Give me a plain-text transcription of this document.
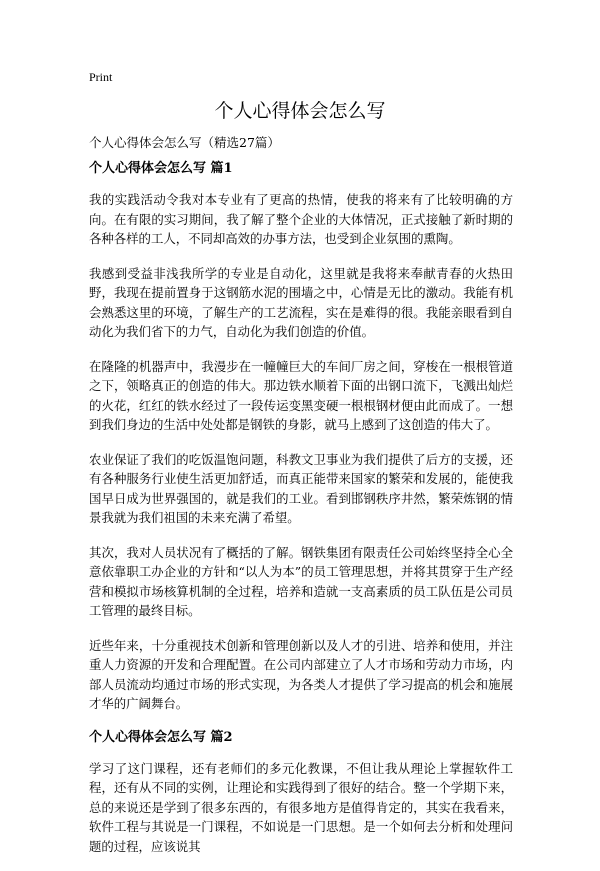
Print
个人心得体会怎么写
个人心得体会怎么写（精选27篇）
个人心得体会怎么写 篇1

我的实践活动令我对本专业有了更高的热情，使我的将来有了比较明确的方向。在有限的实习期间，我了解了整个企业的大体情况，正式接触了新时期的各种各样的工人，不同却高效的办事方法，也受到企业氛围的熏陶。

我感到受益非浅我所学的专业是自动化，这里就是我将来奉献青春的火热田野，我现在提前置身于这钢筋水泥的围墙之中，心情是无比的激动。我能有机会熟悉这里的环境，了解生产的工艺流程，实在是难得的很。我能亲眼看到自动化为我们省下的力气，自动化为我们创造的价值。

在隆隆的机器声中，我漫步在一幢幢巨大的车间厂房之间，穿梭在一根根管道之下，领略真正的创造的伟大。那边铁水顺着下面的出钢口流下，飞溅出灿烂的火花，红红的铁水经过了一段传运变黑变硬一根根钢材便由此而成了。一想到我们身边的生活中处处都是钢铁的身影，就马上感到了这创造的伟大了。

农业保证了我们的吃饭温饱问题，科教文卫事业为我们提供了后方的支援，还有各种服务行业使生活更加舒适，而真正能带来国家的繁荣和发展的，能使我国早日成为世界强国的，就是我们的工业。看到邯钢秩序井然，繁荣炼钢的情景我就为我们祖国的未来充满了希望。

其次，我对人员状况有了概括的了解。钢铁集团有限责任公司始终坚持全心全意依靠职工办企业的方针和“以人为本”的员工管理思想，并将其贯穿于生产经营和模拟市场核算机制的全过程，培养和造就一支高素质的员工队伍是公司员工管理的最终目标。

近些年来，十分重视技术创新和管理创新以及人才的引进、培养和使用，并注重人力资源的开发和合理配置。在公司内部建立了人才市场和劳动力市场，内部人员流动均通过市场的形式实现，为各类人才提供了学习提高的机会和施展才华的广阔舞台。

个人心得体会怎么写 篇2

学习了这门课程，还有老师们的多元化教课，不但让我从理论上掌握软件工程，还有从不同的实例，让理论和实践得到了很好的结合。整一个学期下来，总的来说还是学到了很多东西的，有很多地方是值得肯定的，其实在我看来，软件工程与其说是一门课程，不如说是一门思想。是一个如何去分析和处理问题的过程，应该说其
